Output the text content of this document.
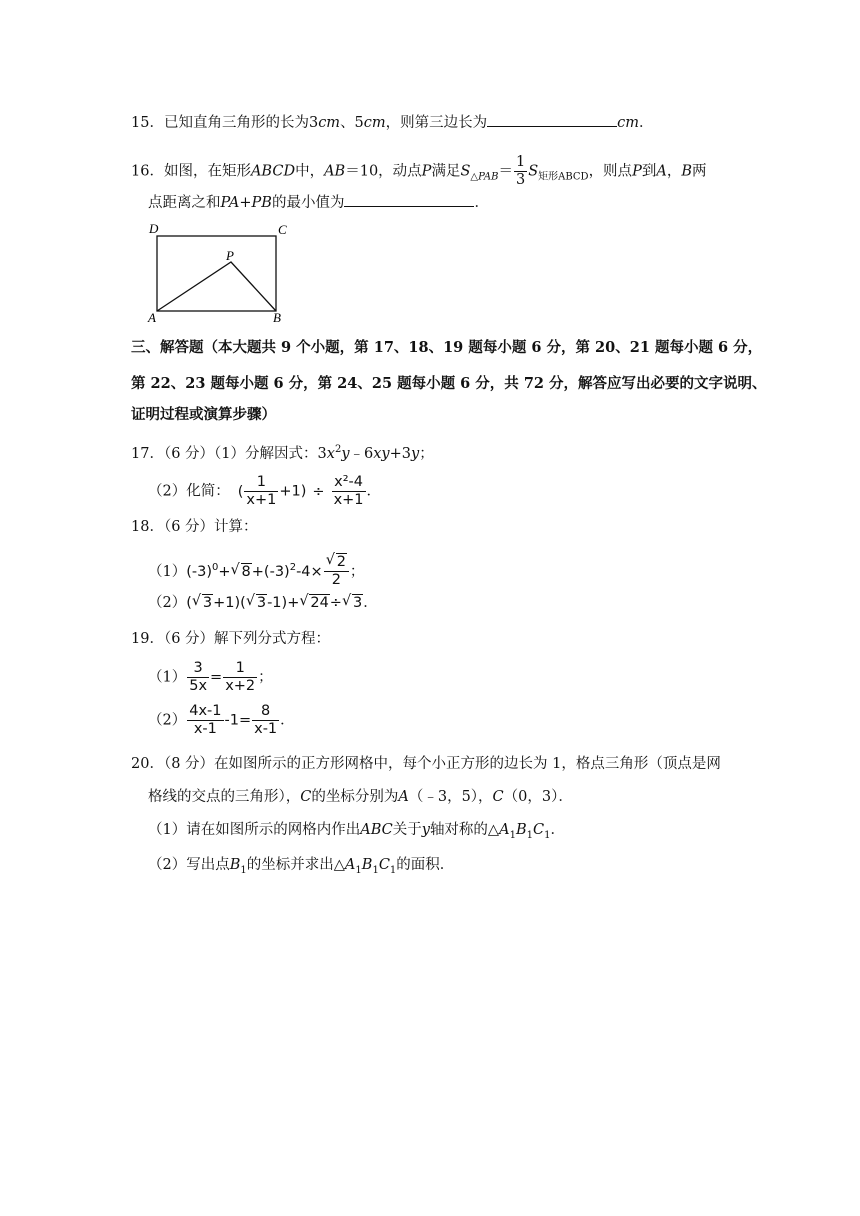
15．已知直角三角形的长为3cm、5cm，则第三边长为	cm．
16．如图，在矩形ABCD中，AB＝10，动点P满足$S_{\triangle PAB}= \frac{1}{3} S_{矩形ABCD}$，则点P到A，B两
点距离之和PA+PB的最小值为	．
D	C
P
A	B
三、解答题（本大题共 9 个小题，第 17、18、19 题每小题 6 分，第 20、21 题每小题 6 分，
第 22、23 题每小题 6 分，第 24、25 题每小题 6 分，共 72 分，解答应写出必要的文字说明、
证明过程或演算步骤）
17．（6 分）（1）分解因式：$3x^2y﹣6xy+3y$；
（2）化简： ( $\frac{1}{x+1} +1) \div \frac{\text{x²-4}}{x+1}$ ．
18．（6 分）计算：
$(1)(-3)^0+$ √ $8+(-3)^2-4\times \frac{√ 2}{2}$ ；
（2）( √ 3+1)( √ 3-1)+ √ 24÷ √ 3．
19．（6 分）解下列分式方程：
$(1) \frac{3}{5x} = \frac{1}{x+2}$ ；
$(2) \frac{4x-1}{x-1} -1= \frac{8}{x-1}$ ．
20．（8 分）在如图所示的正方形网格中，每个小正方形的边长为 1，格点三角形（顶点是网
格线的交点的三角形），C的坐标分别为A（﹣3，5），C（0，3）．
（1）请在如图所示的网格内作出ABC关于y轴对称的$\triangle A_1B_1C_1$．
（2）写出点$B_1$的坐标并求出$\triangle A_1B_1C_1$的面积．
